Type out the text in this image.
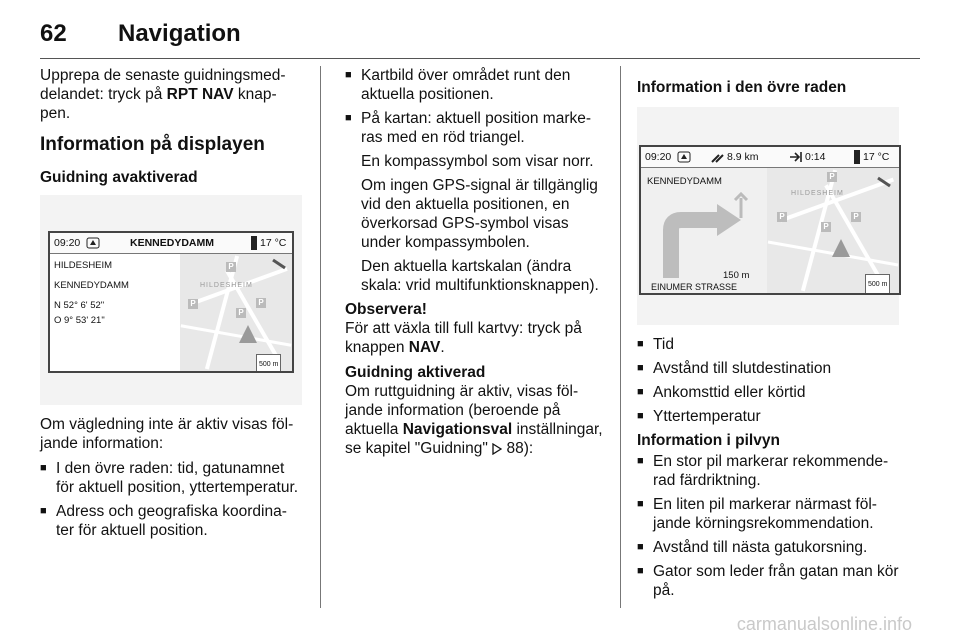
62 Navigation

Upprepa de senaste guidningsmed-
delandet: tryck på RPT NAV knap-
pen.

Information på displayen
Guidning avaktiverad
09:20	KENNEDYDAMM	17 °C
HILDESHEIM
KENNEDYDAMM
N 52° 6' 52"
O 9° 53' 21"
HILDESHEIM
P
P
P
P
500 m

Om vägledning inte är aktiv visas föl-
jande information:

■ I den övre raden: tid, gatunamnet
för aktuell position, yttertemperatur.
■ Adress och geografiska koordina-
ter för aktuell position.
■ Kartbild över området runt den
aktuella positionen.
■ På kartan: aktuell position marke-
ras med en röd triangel.
En kompassymbol som visar norr.
Om ingen GPS-signal är tillgänglig
vid den aktuella positionen, en
överkorsad GPS-symbol visas
under kompassymbolen.
Den aktuella kartskalan (ändra
skala: vrid multifunktionsknappen).
Observera!
För att växla till full kartvy: tryck på
knappen NAV.
Guidning aktiverad

Om ruttguidning är aktiv, visas föl-
jande information (beroende på
aktuella Navigationsval inställningar,
se kapitel "Guidning"  88):

Information i den övre raden
09:20	8.9 km	0:14	17 °C
KENNEDYDAMM
150 m
EINUMER STRASSE
HILDESHEIM
P
P
P
P
500 m
■ Tid
■ Avstånd till slutdestination
■ Ankomsttid eller körtid
■ Yttertemperatur
Information i pilvyn
■ En stor pil markerar rekommende-
rad färdriktning.
■ En liten pil markerar närmast föl-
jande körningsrekommendation.
■ Avstånd till nästa gatukorsning.
■ Gator som leder från gatan man kör
på.
carmanualsonline.info
